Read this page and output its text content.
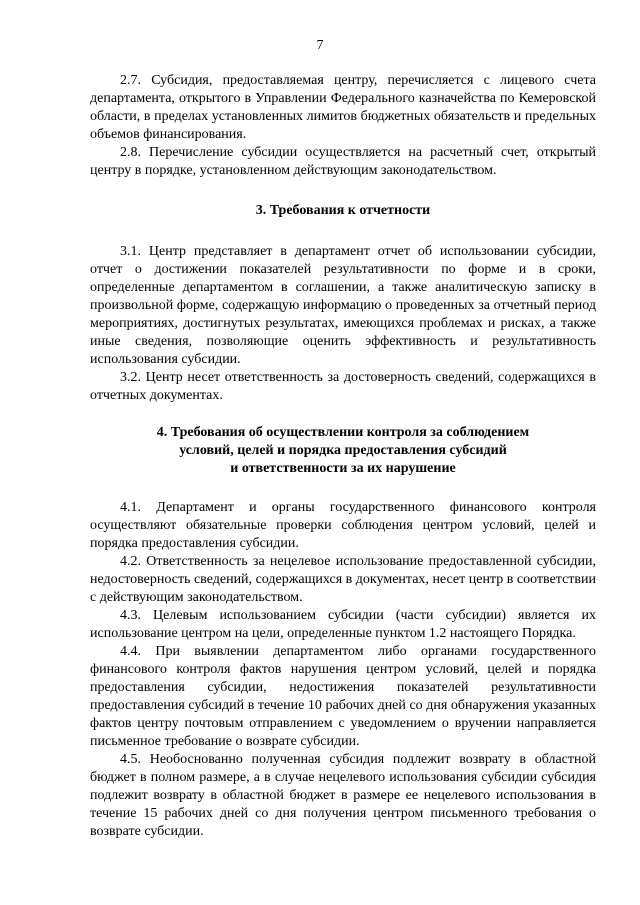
7

2.7. Субсидия, предоставляемая центру, перечисляется с лицевого счета департамента, открытого в Управлении Федерального казначейства по Кемеровской области, в пределах установленных лимитов бюджетных обязательств и предельных объемов финансирования.

2.8. Перечисление субсидии осуществляется на расчетный счет, открытый центру в порядке, установленном действующим законодательством.

3. Требования к отчетности

3.1. Центр представляет в департамент отчет об использовании субсидии, отчет о достижении показателей результативности по форме и в сроки, определенные департаментом в соглашении, а также аналитическую записку в произвольной форме, содержащую информацию о проведенных за отчетный период мероприятиях, достигнутых результатах, имеющихся проблемах и рисках, а также иные сведения, позволяющие оценить эффективность и результативность использования субсидии.

3.2. Центр несет ответственность за достоверность сведений, содержащихся в отчетных документах.

4. Требования об осуществлении контроля за соблюдением
условий, целей и порядка предоставления субсидий
и ответственности за их нарушение

4.1. Департамент и органы государственного финансового контроля осуществляют обязательные проверки соблюдения центром условий, целей и порядка предоставления субсидии.

4.2. Ответственность за нецелевое использование предоставленной субсидии, недостоверность сведений, содержащихся в документах, несет центр в соответствии с действующим законодательством.

4.3. Целевым использованием субсидии (части субсидии) является их использование центром на цели, определенные пунктом 1.2 настоящего Порядка.

4.4. При выявлении департаментом либо органами государственного финансового контроля фактов нарушения центром условий, целей и порядка предоставления субсидии, недостижения показателей результативности предоставления субсидий в течение 10 рабочих дней со дня обнаружения указанных фактов центру почтовым отправлением с уведомлением о вручении направляется письменное требование о возврате субсидии.

4.5. Необоснованно полученная субсидия подлежит возврату в областной бюджет в полном размере, а в случае нецелевого использования субсидии субсидия подлежит возврату в областной бюджет в размере ее нецелевого использования в течение 15 рабочих дней со дня получения центром письменного требования о возврате субсидии.
